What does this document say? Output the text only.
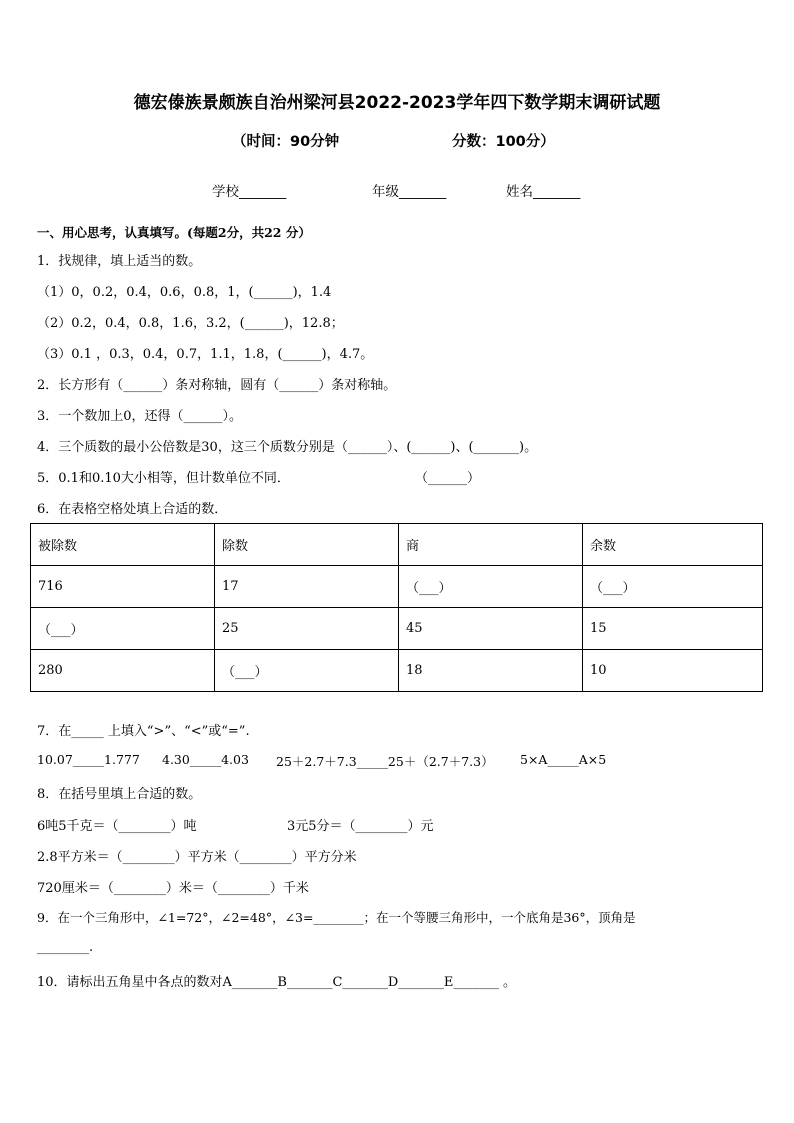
德宏傣族景颇族自治州梁河县2022-2023学年四下数学期末调研试题
（时间：90分钟	分数：100分）
学校_______	年级_______	姓名_______
一、用心思考，认真填写。(每题2分，共22 分）
1．找规律，填上适当的数。
（1）0，0.2，0.4，0.6，0.8，1，(______)，1.4
（2）0.2，0.4，0.8，1.6，3.2，(______)，12.8；
（3）0.1 ，0.3，0.4，0.7，1.1，1.8，(______)，4.7。
2．长方形有（______）条对称轴，圆有（______）条对称轴。
3．一个数加上0，还得（______）。
4．三个质数的最小公倍数是30，这三个质数分别是（______）、(______)、(_______)。
5．0.1和0.10大小相等，但计数单位不同．	（______）
6．在表格空格处填上合适的数．
被除数	除数	商	余数
716	17	（___）	（___）
（___）	25	45	15
280	（___）	18	10
7．在_____ 上填入“>”、“<”或“=”.
10.07_____1.777 4.30_____4.03 25＋2.7＋7.3_____25＋（2.7＋7.3） 5×A_____A×5
8．在括号里填上合适的数。
6吨5千克＝（________）吨	3元5分＝（________）元
2.8平方米＝（________）平方米（________）平方分米
720厘米＝（________）米＝（________）千米
9．在一个三角形中，∠1=72°，∠2=48°，∠3=________；在一个等腰三角形中，一个底角是36°，顶角是
________.
10．请标出五角星中各点的数对A_______B_______C_______D_______E_______ 。
